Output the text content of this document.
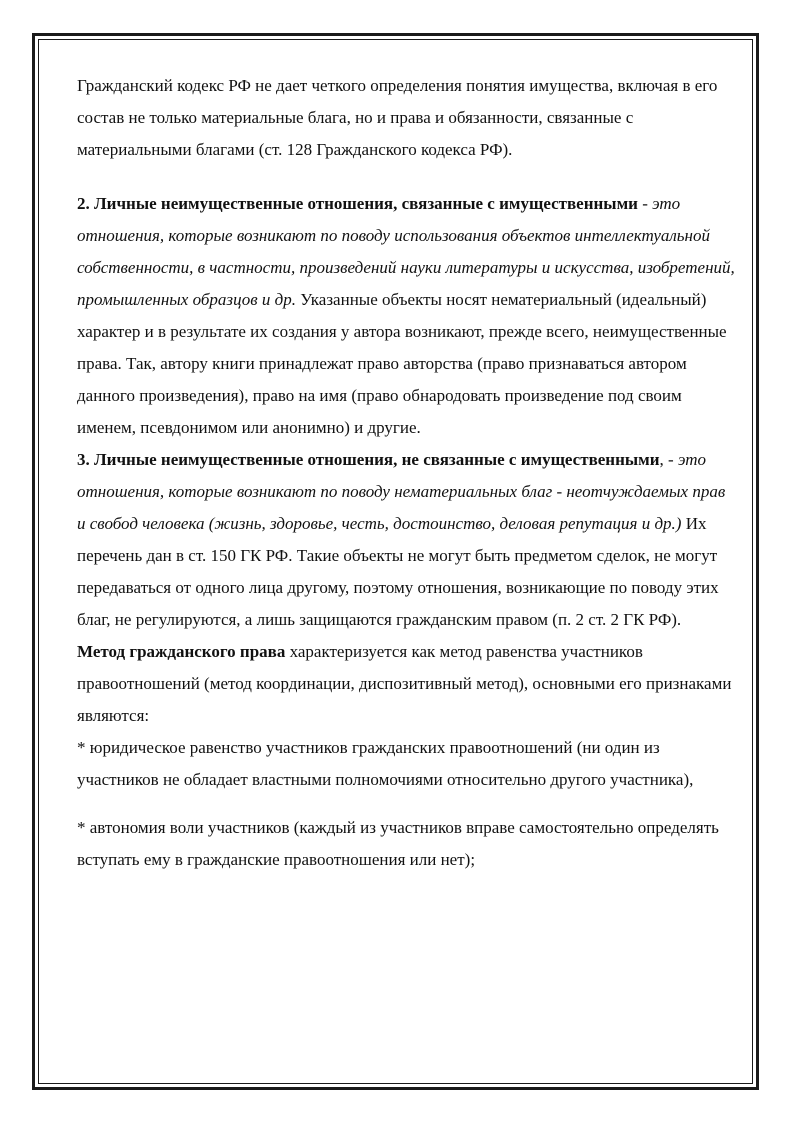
Гражданский кодекс РФ не дает четкого определения понятия имущества, включая в его состав не только материальные блага, но и права и обязанности, связанные с материальными благами (ст. 128 Гражданского кодекса РФ).

2. Личные неимущественные отношения, связанные с имущественными - это отношения, которые возникают по поводу использования объектов интеллектуальной собственности, в частности, произведений науки литературы и искусства, изобретений, промышленных образцов и др. Указанные объекты носят нематериальный (идеальный) характер и в результате их создания у автора возникают, прежде всего, неимущественные права. Так, автору книги принадлежат право авторства (право признаваться автором данного произведения), право на имя (право обнародовать произведение под своим именем, псевдонимом или анонимно) и другие.

3. Личные неимущественные отношения, не связанные с имущественными, - это отношения, которые возникают по поводу нематериальных благ - неотчуждаемых прав и свобод человека (жизнь, здоровье, честь, достоинство, деловая репутация и др.) Их перечень дан в ст. 150 ГК РФ. Такие объекты не могут быть предметом сделок, не могут передаваться от одного лица другому, поэтому отношения, возникающие по поводу этих благ, не регулируются, а лишь защищаются гражданским правом (п. 2 ст. 2 ГК РФ).

Метод гражданского права характеризуется как метод равенства участников правоотношений (метод координации, диспозитивный метод), основными его признаками являются:

* юридическое равенство участников гражданских правоотношений (ни один из участников не обладает властными полномочиями относительно другого участника),

* автономия воли участников (каждый из участников вправе самостоятельно определять вступать ему в гражданские правоотношения или нет);
